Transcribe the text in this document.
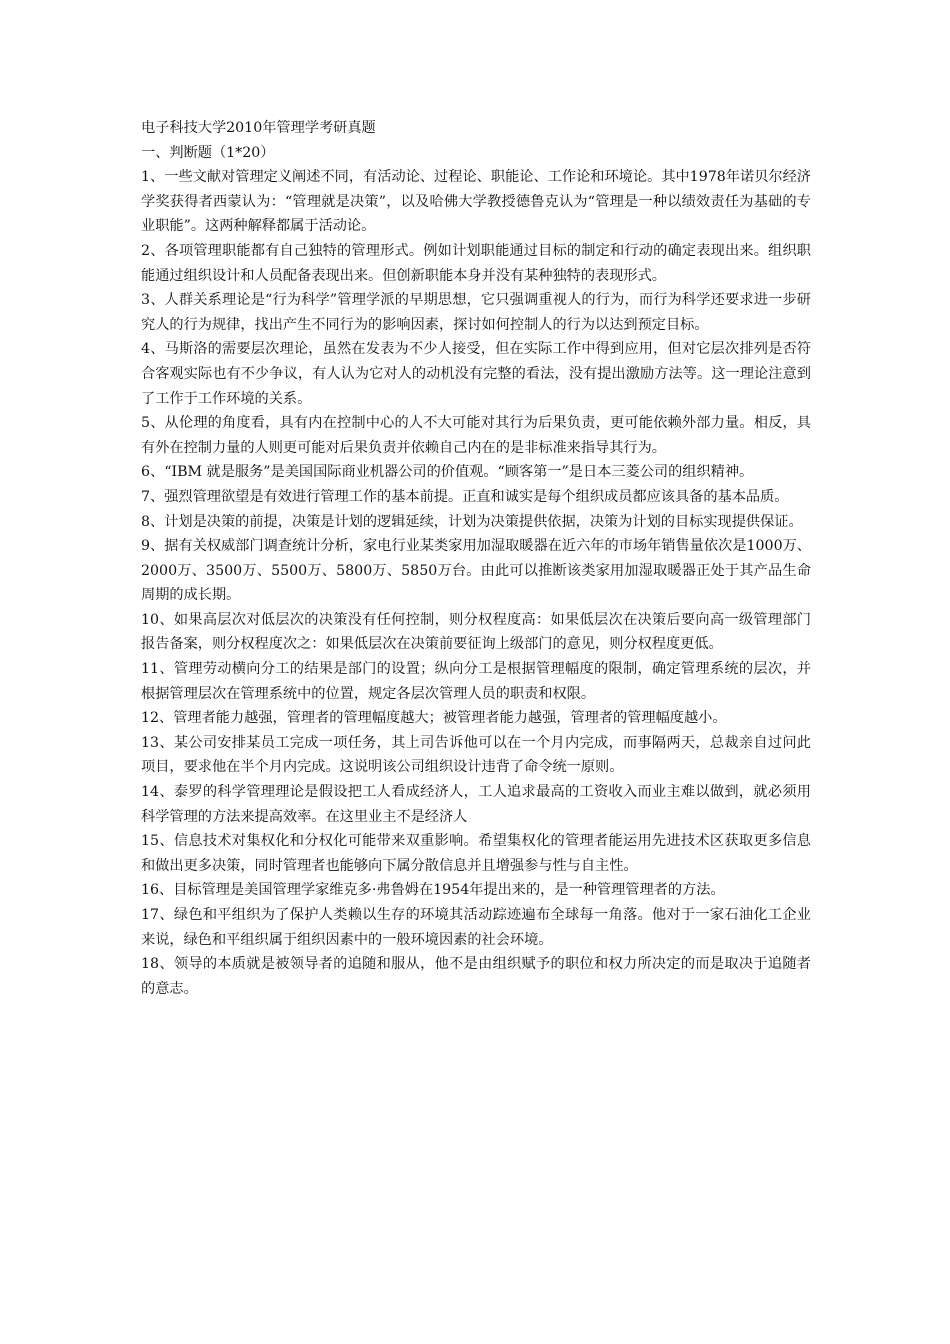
电子科技大学2010年管理学考研真题

一、判断题（1*20）

1、一些文献对管理定义阐述不同，有活动论、过程论、职能论、工作论和环境论。其中1978年诺贝尔经济学奖获得者西蒙认为：“管理就是决策”，以及哈佛大学教授德鲁克认为“管理是一种以绩效责任为基础的专业职能”。这两种解释都属于活动论。

2、各项管理职能都有自己独特的管理形式。例如计划职能通过目标的制定和行动的确定表现出来。组织职能通过组织设计和人员配备表现出来。但创新职能本身并没有某种独特的表现形式。

3、人群关系理论是“行为科学”管理学派的早期思想，它只强调重视人的行为，而行为科学还要求进一步研究人的行为规律，找出产生不同行为的影响因素，探讨如何控制人的行为以达到预定目标。

4、马斯洛的需要层次理论，虽然在发表为不少人接受，但在实际工作中得到应用，但对它层次排列是否符合客观实际也有不少争议，有人认为它对人的动机没有完整的看法，没有提出激励方法等。这一理论注意到了工作于工作环境的关系。

5、从伦理的角度看，具有内在控制中心的人不大可能对其行为后果负责，更可能依赖外部力量。相反，具有外在控制力量的人则更可能对后果负责并依赖自己内在的是非标准来指导其行为。

6、“IBM 就是服务”是美国国际商业机器公司的价值观。“顾客第一”是日本三菱公司的组织精神。

7、强烈管理欲望是有效进行管理工作的基本前提。正直和诚实是每个组织成员都应该具备的基本品质。

8、计划是决策的前提，决策是计划的逻辑延续，计划为决策提供依据，决策为计划的目标实现提供保证。

9、据有关权威部门调查统计分析，家电行业某类家用加湿取暖器在近六年的市场年销售量依次是1000万、2000万、3500万、5500万、5800万、5850万台。由此可以推断该类家用加湿取暖器正处于其产品生命周期的成长期。

10、如果高层次对低层次的决策没有任何控制，则分权程度高：如果低层次在决策后要向高一级管理部门报告备案，则分权程度次之：如果低层次在决策前要征询上级部门的意见，则分权程度更低。

11、管理劳动横向分工的结果是部门的设置；纵向分工是根据管理幅度的限制，确定管理系统的层次，并根据管理层次在管理系统中的位置，规定各层次管理人员的职责和权限。

12、管理者能力越强，管理者的管理幅度越大；被管理者能力越强，管理者的管理幅度越小。

13、某公司安排某员工完成一项任务，其上司告诉他可以在一个月内完成，而事隔两天，总裁亲自过问此项目，要求他在半个月内完成。这说明该公司组织设计违背了命令统一原则。

14、泰罗的科学管理理论是假设把工人看成经济人，工人追求最高的工资收入而业主难以做到，就必须用科学管理的方法来提高效率。在这里业主不是经济人

15、信息技术对集权化和分权化可能带来双重影响。希望集权化的管理者能运用先进技术区获取更多信息和做出更多决策，同时管理者也能够向下属分散信息并且增强参与性与自主性。

16、目标管理是美国管理学家维克多·弗鲁姆在1954年提出来的，是一种管理管理者的方法。

17、绿色和平组织为了保护人类赖以生存的环境其活动踪迹遍布全球每一角落。他对于一家石油化工企业来说，绿色和平组织属于组织因素中的一般环境因素的社会环境。

18、领导的本质就是被领导者的追随和服从，他不是由组织赋予的职位和权力所决定的而是取决于追随者的意志。
